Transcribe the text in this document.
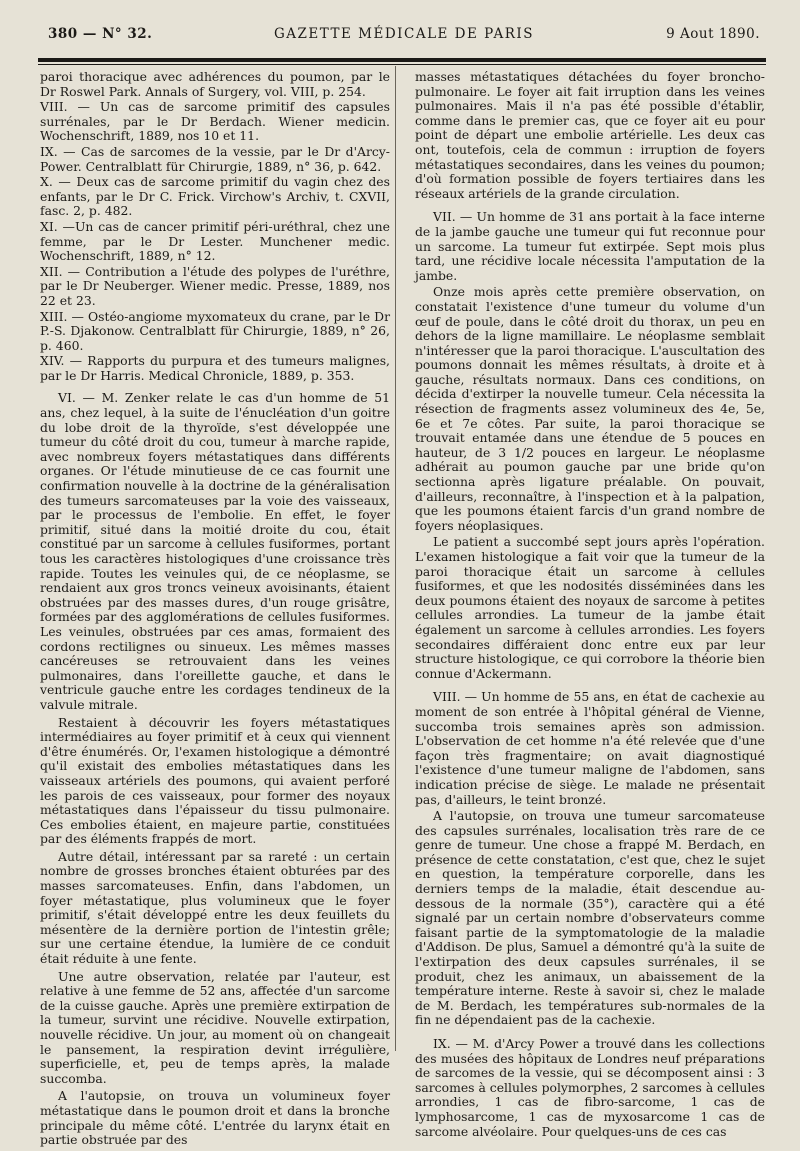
380 — N° 32.	GAZETTE MÉDICALE DE PARIS	9 Aout 1890.

paroi thoracique avec adhérences du poumon, par le Dr Roswel Park. Annals of Surgery, vol. VIII, p. 254.

VIII. — Un cas de sarcome primitif des capsules surrénales, par le Dr Berdach. Wiener medicin. Wochenschrift, 1889, nos 10 et 11.

IX. — Cas de sarcomes de la vessie, par le Dr d'Arcy-Power. Centralblatt für Chirurgie, 1889, n° 36, p. 642.

X. — Deux cas de sarcome primitif du vagin chez des enfants, par le Dr C. Frick. Virchow's Archiv, t. CXVII, fasc. 2, p. 482.

XI. —Un cas de cancer primitif péri-uréthral, chez une femme, par le Dr Lester. Munchener medic. Wochenschrift, 1889, n° 12.

XII. — Contribution a l'étude des polypes de l'uréthre, par le Dr Neuberger. Wiener medic. Presse, 1889, nos 22 et 23.

XIII. — Ostéo-angiome myxomateux du crane, par le Dr P.-S. Djakonow. Centralblatt für Chirurgie, 1889, n° 26, p. 460.

XIV. — Rapports du purpura et des tumeurs malignes, par le Dr Harris. Medical Chronicle, 1889, p. 353.

VI. — M. Zenker relate le cas d'un homme de 51 ans, chez lequel, à la suite de l'énucléation d'un goitre du lobe droit de la thyroïde, s'est développée une tumeur du côté droit du cou, tumeur à marche rapide, avec nombreux foyers métastatiques dans différents organes. Or l'étude minutieuse de ce cas fournit une confirmation nouvelle à la doctrine de la généralisation des tumeurs sarcomateuses par la voie des vaisseaux, par le processus de l'embolie. En effet, le foyer primitif, situé dans la moitié droite du cou, était constitué par un sarcome à cellules fusiformes, portant tous les caractères histologiques d'une croissance très rapide. Toutes les veinules qui, de ce néoplasme, se rendaient aux gros troncs veineux avoisinants, étaient obstruées par des masses dures, d'un rouge grisâtre, formées par des agglomérations de cellules fusiformes. Les veinules, obstruées par ces amas, formaient des cordons rectilignes ou sinueux. Les mêmes masses cancéreuses se retrouvaient dans les veines pulmonaires, dans l'oreillette gauche, et dans le ventricule gauche entre les cordages tendineux de la valvule mitrale.

Restaient à découvrir les foyers métastatiques intermédiaires au foyer primitif et à ceux qui viennent d'être énumérés. Or, l'examen histologique a démontré qu'il existait des embolies métastatiques dans les vaisseaux artériels des poumons, qui avaient perforé les parois de ces vaisseaux, pour former des noyaux métastatiques dans l'épaisseur du tissu pulmonaire. Ces embolies étaient, en majeure partie, constituées par des éléments frappés de mort.

Autre détail, intéressant par sa rareté : un certain nombre de grosses bronches étaient obturées par des masses sarcomateuses. Enfin, dans l'abdomen, un foyer métastatique, plus volumineux que le foyer primitif, s'était développé entre les deux feuillets du mésentère de la dernière portion de l'intestin grêle; sur une certaine étendue, la lumière de ce conduit était réduite à une fente.

Une autre observation, relatée par l'auteur, est relative à une femme de 52 ans, affectée d'un sarcome de la cuisse gauche. Après une première extirpation de la tumeur, survint une récidive. Nouvelle extirpation, nouvelle récidive. Un jour, au moment où on changeait le pansement, la respiration devint irrégulière, superficielle, et, peu de temps après, la malade succomba.

A l'autopsie, on trouva un volumineux foyer métastatique dans le poumon droit et dans la bronche principale du même côté. L'entrée du larynx était en partie obstruée par des

masses métastatiques détachées du foyer broncho-pulmonaire. Le foyer ait fait irruption dans les veines pulmonaires. Mais il n'a pas été possible d'établir, comme dans le premier cas, que ce foyer ait eu pour point de départ une embolie artérielle. Les deux cas ont, toutefois, cela de commun : irruption de foyers métastatiques secondaires, dans les veines du poumon; d'où formation possible de foyers tertiaires dans les réseaux artériels de la grande circulation.

VII. — Un homme de 31 ans portait à la face interne de la jambe gauche une tumeur qui fut reconnue pour un sarcome. La tumeur fut extirpée. Sept mois plus tard, une récidive locale nécessita l'amputation de la jambe.

Onze mois après cette première observation, on constatait l'existence d'une tumeur du volume d'un œuf de poule, dans le côté droit du thorax, un peu en dehors de la ligne mamillaire. Le néoplasme semblait n'intéresser que la paroi thoracique. L'auscultation des poumons donnait les mêmes résultats, à droite et à gauche, résultats normaux. Dans ces conditions, on décida d'extirper la nouvelle tumeur. Cela nécessita la résection de fragments assez volumineux des 4e, 5e, 6e et 7e côtes. Par suite, la paroi thoracique se trouvait entamée dans une étendue de 5 pouces en hauteur, de 3 1/2 pouces en largeur. Le néoplasme adhérait au poumon gauche par une bride qu'on sectionna après ligature préalable. On pouvait, d'ailleurs, reconnaître, à l'inspection et à la palpation, que les poumons étaient farcis d'un grand nombre de foyers néoplasiques.

Le patient a succombé sept jours après l'opération. L'examen histologique a fait voir que la tumeur de la paroi thoracique était un sarcome à cellules fusiformes, et que les nodosités disséminées dans les deux poumons étaient des noyaux de sarcome à petites cellules arrondies. La tumeur de la jambe était également un sarcome à cellules arrondies. Les foyers secondaires différaient donc entre eux par leur structure histologique, ce qui corrobore la théorie bien connue d'Ackermann.

VIII. — Un homme de 55 ans, en état de cachexie au moment de son entrée à l'hôpital général de Vienne, succomba trois semaines après son admission. L'observation de cet homme n'a été relevée que d'une façon très fragmentaire; on avait diagnostiqué l'existence d'une tumeur maligne de l'abdomen, sans indication précise de siège. Le malade ne présentait pas, d'ailleurs, le teint bronzé.

A l'autopsie, on trouva une tumeur sarcomateuse des capsules surrénales, localisation très rare de ce genre de tumeur. Une chose a frappé M. Berdach, en présence de cette constatation, c'est que, chez le sujet en question, la température corporelle, dans les derniers temps de la maladie, était descendue au-dessous de la normale (35°), caractère qui a été signalé par un certain nombre d'observateurs comme faisant partie de la symptomatologie de la maladie d'Addison. De plus, Samuel a démontré qu'à la suite de l'extirpation des deux capsules surrénales, il se produit, chez les animaux, un abaissement de la température interne. Reste à savoir si, chez le malade de M. Berdach, les températures sub-normales de la fin ne dépendaient pas de la cachexie.

IX. — M. d'Arcy Power a trouvé dans les collections des musées des hôpitaux de Londres neuf préparations de sarcomes de la vessie, qui se décomposent ainsi : 3 sarcomes à cellules polymorphes, 2 sarcomes à cellules arrondies, 1 cas de fibro-sarcome, 1 cas de lymphosarcome, 1 cas de myxosarcome 1 cas de sarcome alvéolaire. Pour quelques-uns de ces cas
